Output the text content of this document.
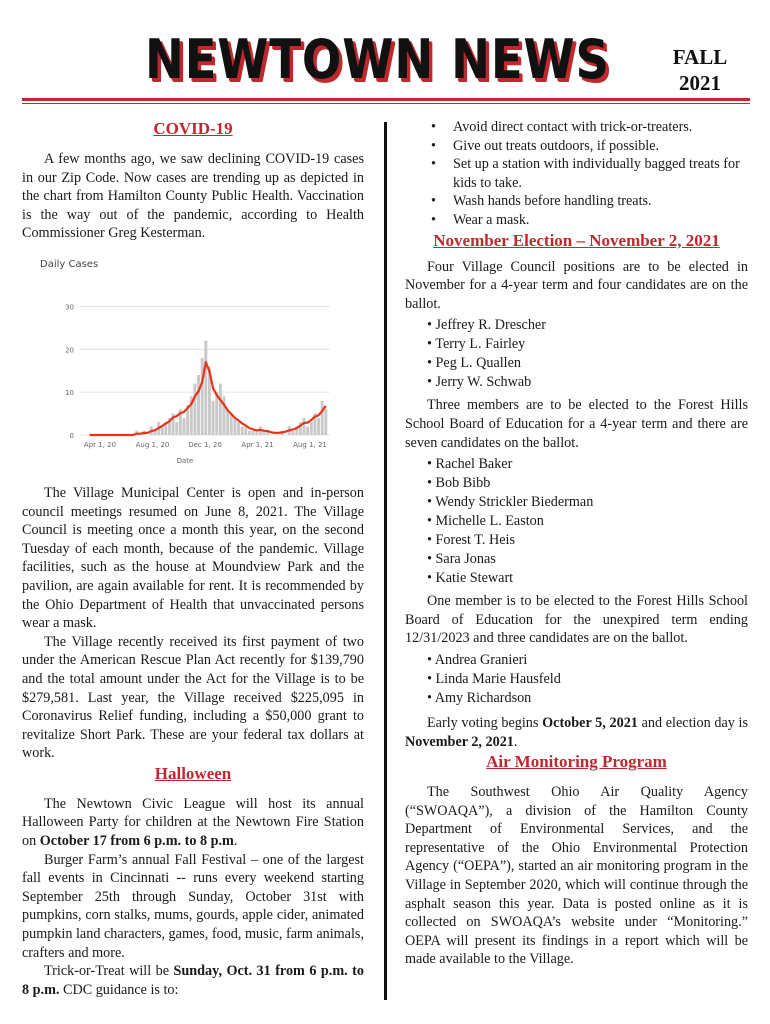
NEWTOWN NEWS	FALL
2021
COVID-19

A few months ago, we saw declining COVID-19 cases in our Zip Code. Now cases are trending up as depicted in the chart from Hamilton County Public Health. Vaccination is the way out of the pandemic, according to Health Commissioner Greg Kesterman.

Daily Cases
0
10
20
30
Apr 1, 20	Aug 1, 20	Dec 1, 20	Apr 1, 21	Aug 1, 21
Date

The Village Municipal Center is open and in-person council meetings resumed on June 8, 2021. The Village Council is meeting once a month this year, on the second Tuesday of each month, because of the pandemic. Village facilities, such as the house at Moundview Park and the pavilion, are again available for rent. It is recommended by the Ohio Department of Health that unvaccinated persons wear a mask.

The Village recently received its first payment of two under the American Rescue Plan Act recently for $139,790 and the total amount under the Act for the Village is to be $279,581. Last year, the Village received $225,095 in Coronavirus Relief funding, including a $50,000 grant to revitalize Short Park. These are your federal tax dollars at work.

Halloween

The Newtown Civic League will host its annual Halloween Party for children at the Newtown Fire Station on October 17 from 6 p.m. to 8 p.m.

Burger Farm’s annual Fall Festival – one of the largest fall events in Cincinnati -- runs every weekend starting September 25th through Sunday, October 31st with pumpkins, corn stalks, mums, gourds, apple cider, animated pumpkin land characters, games, food, music, farm animals, crafters and more.

Trick-or-Treat will be Sunday, Oct. 31 from 6 p.m. to 8 p.m. CDC guidance is to:

• Avoid direct contact with trick-or-treaters.
• Give out treats outdoors, if possible.
• Set up a station with individually bagged treats for kids to take.
• Wash hands before handling treats.
• Wear a mask.
November Election – November 2, 2021

Four Village Council positions are to be elected in November for a 4-year term and four candidates are on the ballot.

• Jeffrey R. Drescher
• Terry L. Fairley
• Peg L. Quallen
• Jerry W. Schwab

Three members are to be elected to the Forest Hills School Board of Education for a 4-year term and there are seven candidates on the ballot.

• Rachel Baker
• Bob Bibb
• Wendy Strickler Biederman
• Michelle L. Easton
• Forest T. Heis
• Sara Jonas
• Katie Stewart

One member is to be elected to the Forest Hills School Board of Education for the unexpired term ending 12/31/2023 and three candidates are on the ballot.

• Andrea Granieri
• Linda Marie Hausfeld
• Amy Richardson

Early voting begins October 5, 2021 and election day is November 2, 2021.

Air Monitoring Program

The Southwest Ohio Air Quality Agency (“SWOAQA”), a division of the Hamilton County Department of Environmental Services, and the representative of the Ohio Environmental Protection Agency (“OEPA”), started an air monitoring program in the Village in September 2020, which will continue through the asphalt season this year. Data is posted online as it is collected on SWOAQA’s website under “Monitoring.” OEPA will present its findings in a report which will be made available to the Village.
